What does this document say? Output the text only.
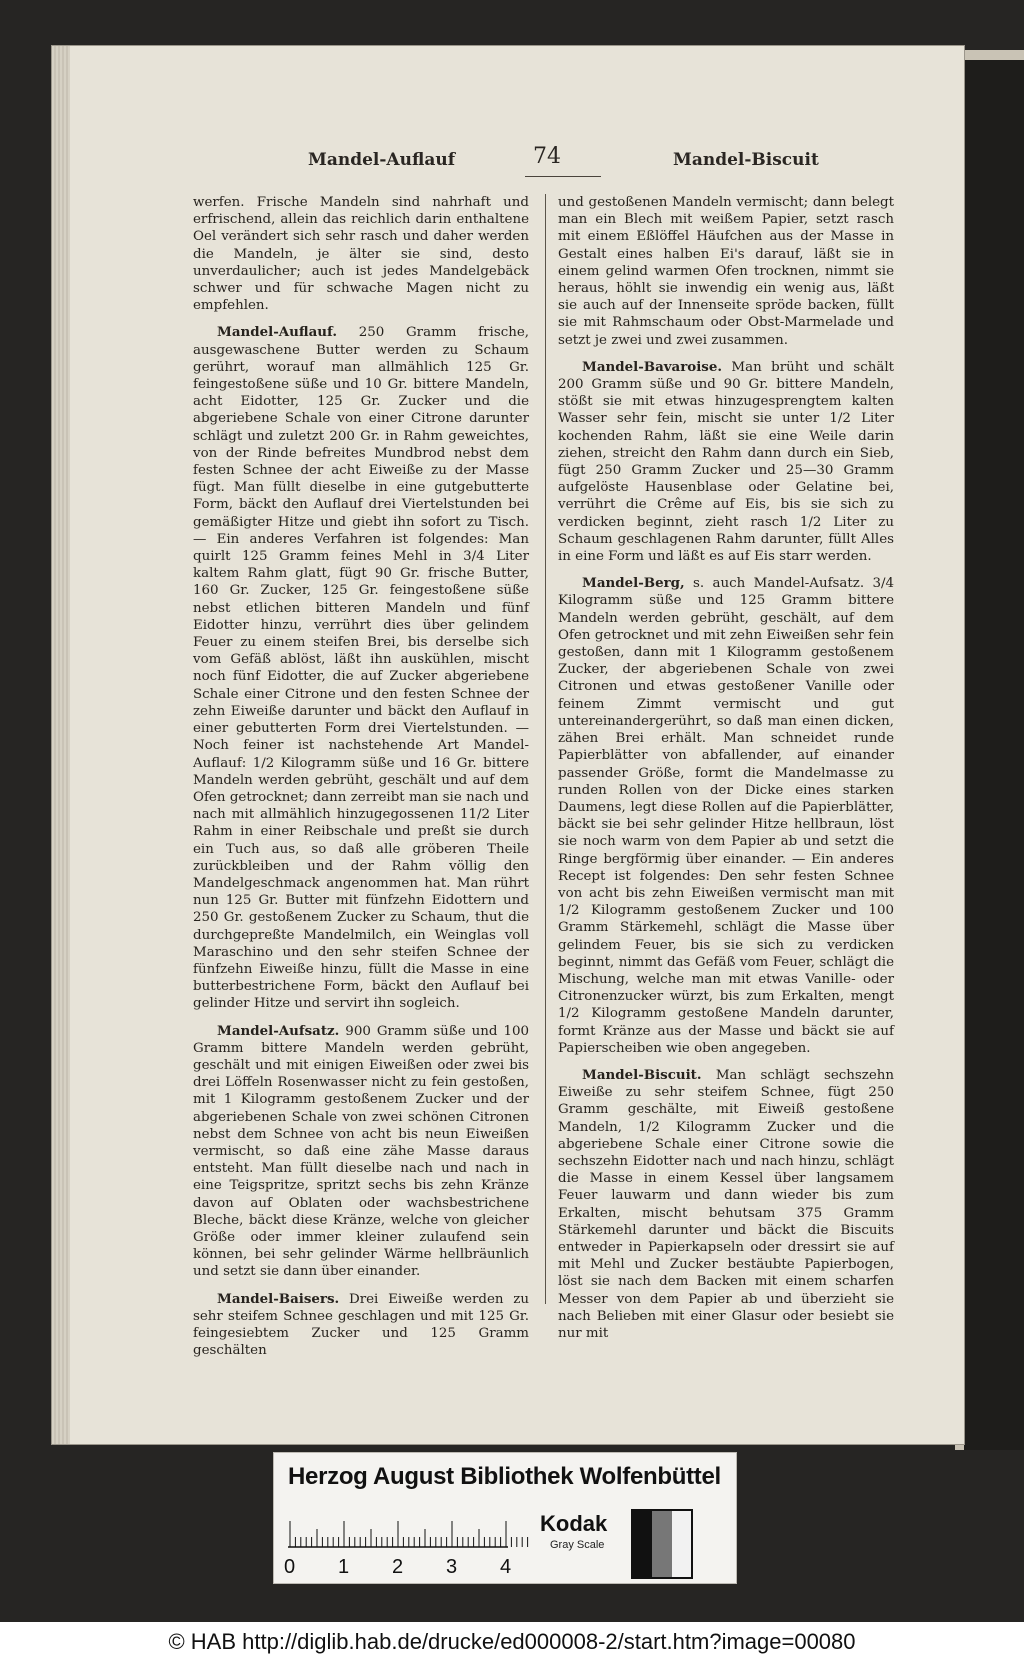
Mandel-Auflauf	74	Mandel-Biscuit

werfen. Frische Mandeln sind nahrhaft und erfrischend, allein das reichlich darin enthaltene Oel verändert sich sehr rasch und daher werden die Mandeln, je älter sie sind, desto unverdaulicher; auch ist jedes Mandelgebäck schwer und für schwache Magen nicht zu empfehlen.

Mandel-Auflauf. 250 Gramm frische, ausgewaschene Butter werden zu Schaum gerührt, worauf man allmählich 125 Gr. feingestoßene süße und 10 Gr. bittere Mandeln, acht Eidotter, 125 Gr. Zucker und die abgeriebene Schale von einer Citrone darunter schlägt und zuletzt 200 Gr. in Rahm geweichtes, von der Rinde befreites Mundbrod nebst dem festen Schnee der acht Eiweiße zu der Masse fügt. Man füllt dieselbe in eine gutgebutterte Form, bäckt den Auflauf drei Viertelstunden bei gemäßigter Hitze und giebt ihn sofort zu Tisch. — Ein anderes Verfahren ist folgendes: Man quirlt 125 Gramm feines Mehl in 3/4 Liter kaltem Rahm glatt, fügt 90 Gr. frische Butter, 160 Gr. Zucker, 125 Gr. feingestoßene süße nebst etlichen bitteren Mandeln und fünf Eidotter hinzu, verrührt dies über gelindem Feuer zu einem steifen Brei, bis derselbe sich vom Gefäß ablöst, läßt ihn auskühlen, mischt noch fünf Eidotter, die auf Zucker abgeriebene Schale einer Citrone und den festen Schnee der zehn Eiweiße darunter und bäckt den Auflauf in einer gebutterten Form drei Viertelstunden. — Noch feiner ist nachstehende Art Mandel-Auflauf: 1/2 Kilogramm süße und 16 Gr. bittere Mandeln werden gebrüht, geschält und auf dem Ofen getrocknet; dann zerreibt man sie nach und nach mit allmählich hinzugegossenen 11/2 Liter Rahm in einer Reibschale und preßt sie durch ein Tuch aus, so daß alle gröberen Theile zurückbleiben und der Rahm völlig den Mandelgeschmack angenommen hat. Man rührt nun 125 Gr. Butter mit fünfzehn Eidottern und 250 Gr. gestoßenem Zucker zu Schaum, thut die durchgepreßte Mandelmilch, ein Weinglas voll Maraschino und den sehr steifen Schnee der fünfzehn Eiweiße hinzu, füllt die Masse in eine butterbestrichene Form, bäckt den Auflauf bei gelinder Hitze und servirt ihn sogleich.

Mandel-Aufsatz. 900 Gramm süße und 100 Gramm bittere Mandeln werden gebrüht, geschält und mit einigen Eiweißen oder zwei bis drei Löffeln Rosenwasser nicht zu fein gestoßen, mit 1 Kilogramm gestoßenem Zucker und der abgeriebenen Schale von zwei schönen Citronen nebst dem Schnee von acht bis neun Eiweißen vermischt, so daß eine zähe Masse daraus entsteht. Man füllt dieselbe nach und nach in eine Teigspritze, spritzt sechs bis zehn Kränze davon auf Oblaten oder wachsbestrichene Bleche, bäckt diese Kränze, welche von gleicher Größe oder immer kleiner zulaufend sein können, bei sehr gelinder Wärme hellbräunlich und setzt sie dann über einander.

Mandel-Baisers. Drei Eiweiße werden zu sehr steifem Schnee geschlagen und mit 125 Gr. feingesiebtem Zucker und 125 Gramm geschälten

und gestoßenen Mandeln vermischt; dann belegt man ein Blech mit weißem Papier, setzt rasch mit einem Eßlöffel Häufchen aus der Masse in Gestalt eines halben Ei's darauf, läßt sie in einem gelind warmen Ofen trocknen, nimmt sie heraus, höhlt sie inwendig ein wenig aus, läßt sie auch auf der Innenseite spröde backen, füllt sie mit Rahmschaum oder Obst-Marmelade und setzt je zwei und zwei zusammen.

Mandel-Bavaroise. Man brüht und schält 200 Gramm süße und 90 Gr. bittere Mandeln, stößt sie mit etwas hinzugesprengtem kalten Wasser sehr fein, mischt sie unter 1/2 Liter kochenden Rahm, läßt sie eine Weile darin ziehen, streicht den Rahm dann durch ein Sieb, fügt 250 Gramm Zucker und 25—30 Gramm aufgelöste Hausenblase oder Gelatine bei, verrührt die Crême auf Eis, bis sie sich zu verdicken beginnt, zieht rasch 1/2 Liter zu Schaum geschlagenen Rahm darunter, füllt Alles in eine Form und läßt es auf Eis starr werden.

Mandel-Berg, s. auch Mandel-Aufsatz. 3/4 Kilogramm süße und 125 Gramm bittere Mandeln werden gebrüht, geschält, auf dem Ofen getrocknet und mit zehn Eiweißen sehr fein gestoßen, dann mit 1 Kilogramm gestoßenem Zucker, der abgeriebenen Schale von zwei Citronen und etwas gestoßener Vanille oder feinem Zimmt vermischt und gut untereinandergerührt, so daß man einen dicken, zähen Brei erhält. Man schneidet runde Papierblätter von abfallender, auf einander passender Größe, formt die Mandelmasse zu runden Rollen von der Dicke eines starken Daumens, legt diese Rollen auf die Papierblätter, bäckt sie bei sehr gelinder Hitze hellbraun, löst sie noch warm von dem Papier ab und setzt die Ringe bergförmig über einander. — Ein anderes Recept ist folgendes: Den sehr festen Schnee von acht bis zehn Eiweißen vermischt man mit 1/2 Kilogramm gestoßenem Zucker und 100 Gramm Stärkemehl, schlägt die Masse über gelindem Feuer, bis sie sich zu verdicken beginnt, nimmt das Gefäß vom Feuer, schlägt die Mischung, welche man mit etwas Vanille- oder Citronenzucker würzt, bis zum Erkalten, mengt 1/2 Kilogramm gestoßene Mandeln darunter, formt Kränze aus der Masse und bäckt sie auf Papierscheiben wie oben angegeben.

Mandel-Biscuit. Man schlägt sechszehn Eiweiße zu sehr steifem Schnee, fügt 250 Gramm geschälte, mit Eiweiß gestoßene Mandeln, 1/2 Kilogramm Zucker und die abgeriebene Schale einer Citrone sowie die sechszehn Eidotter nach und nach hinzu, schlägt die Masse in einem Kessel über langsamem Feuer lauwarm und dann wieder bis zum Erkalten, mischt behutsam 375 Gramm Stärkemehl darunter und bäckt die Biscuits entweder in Papierkapseln oder dressirt sie auf mit Mehl und Zucker bestäubte Papierbogen, löst sie nach dem Backen mit einem scharfen Messer von dem Papier ab und überzieht sie nach Belieben mit einer Glasur oder besiebt sie nur mit

Herzog August Bibliothek Wolfenbüttel
0 1 2 3 4
Kodak
Gray Scale
© HAB http://diglib.hab.de/drucke/ed000008-2/start.htm?image=00080
